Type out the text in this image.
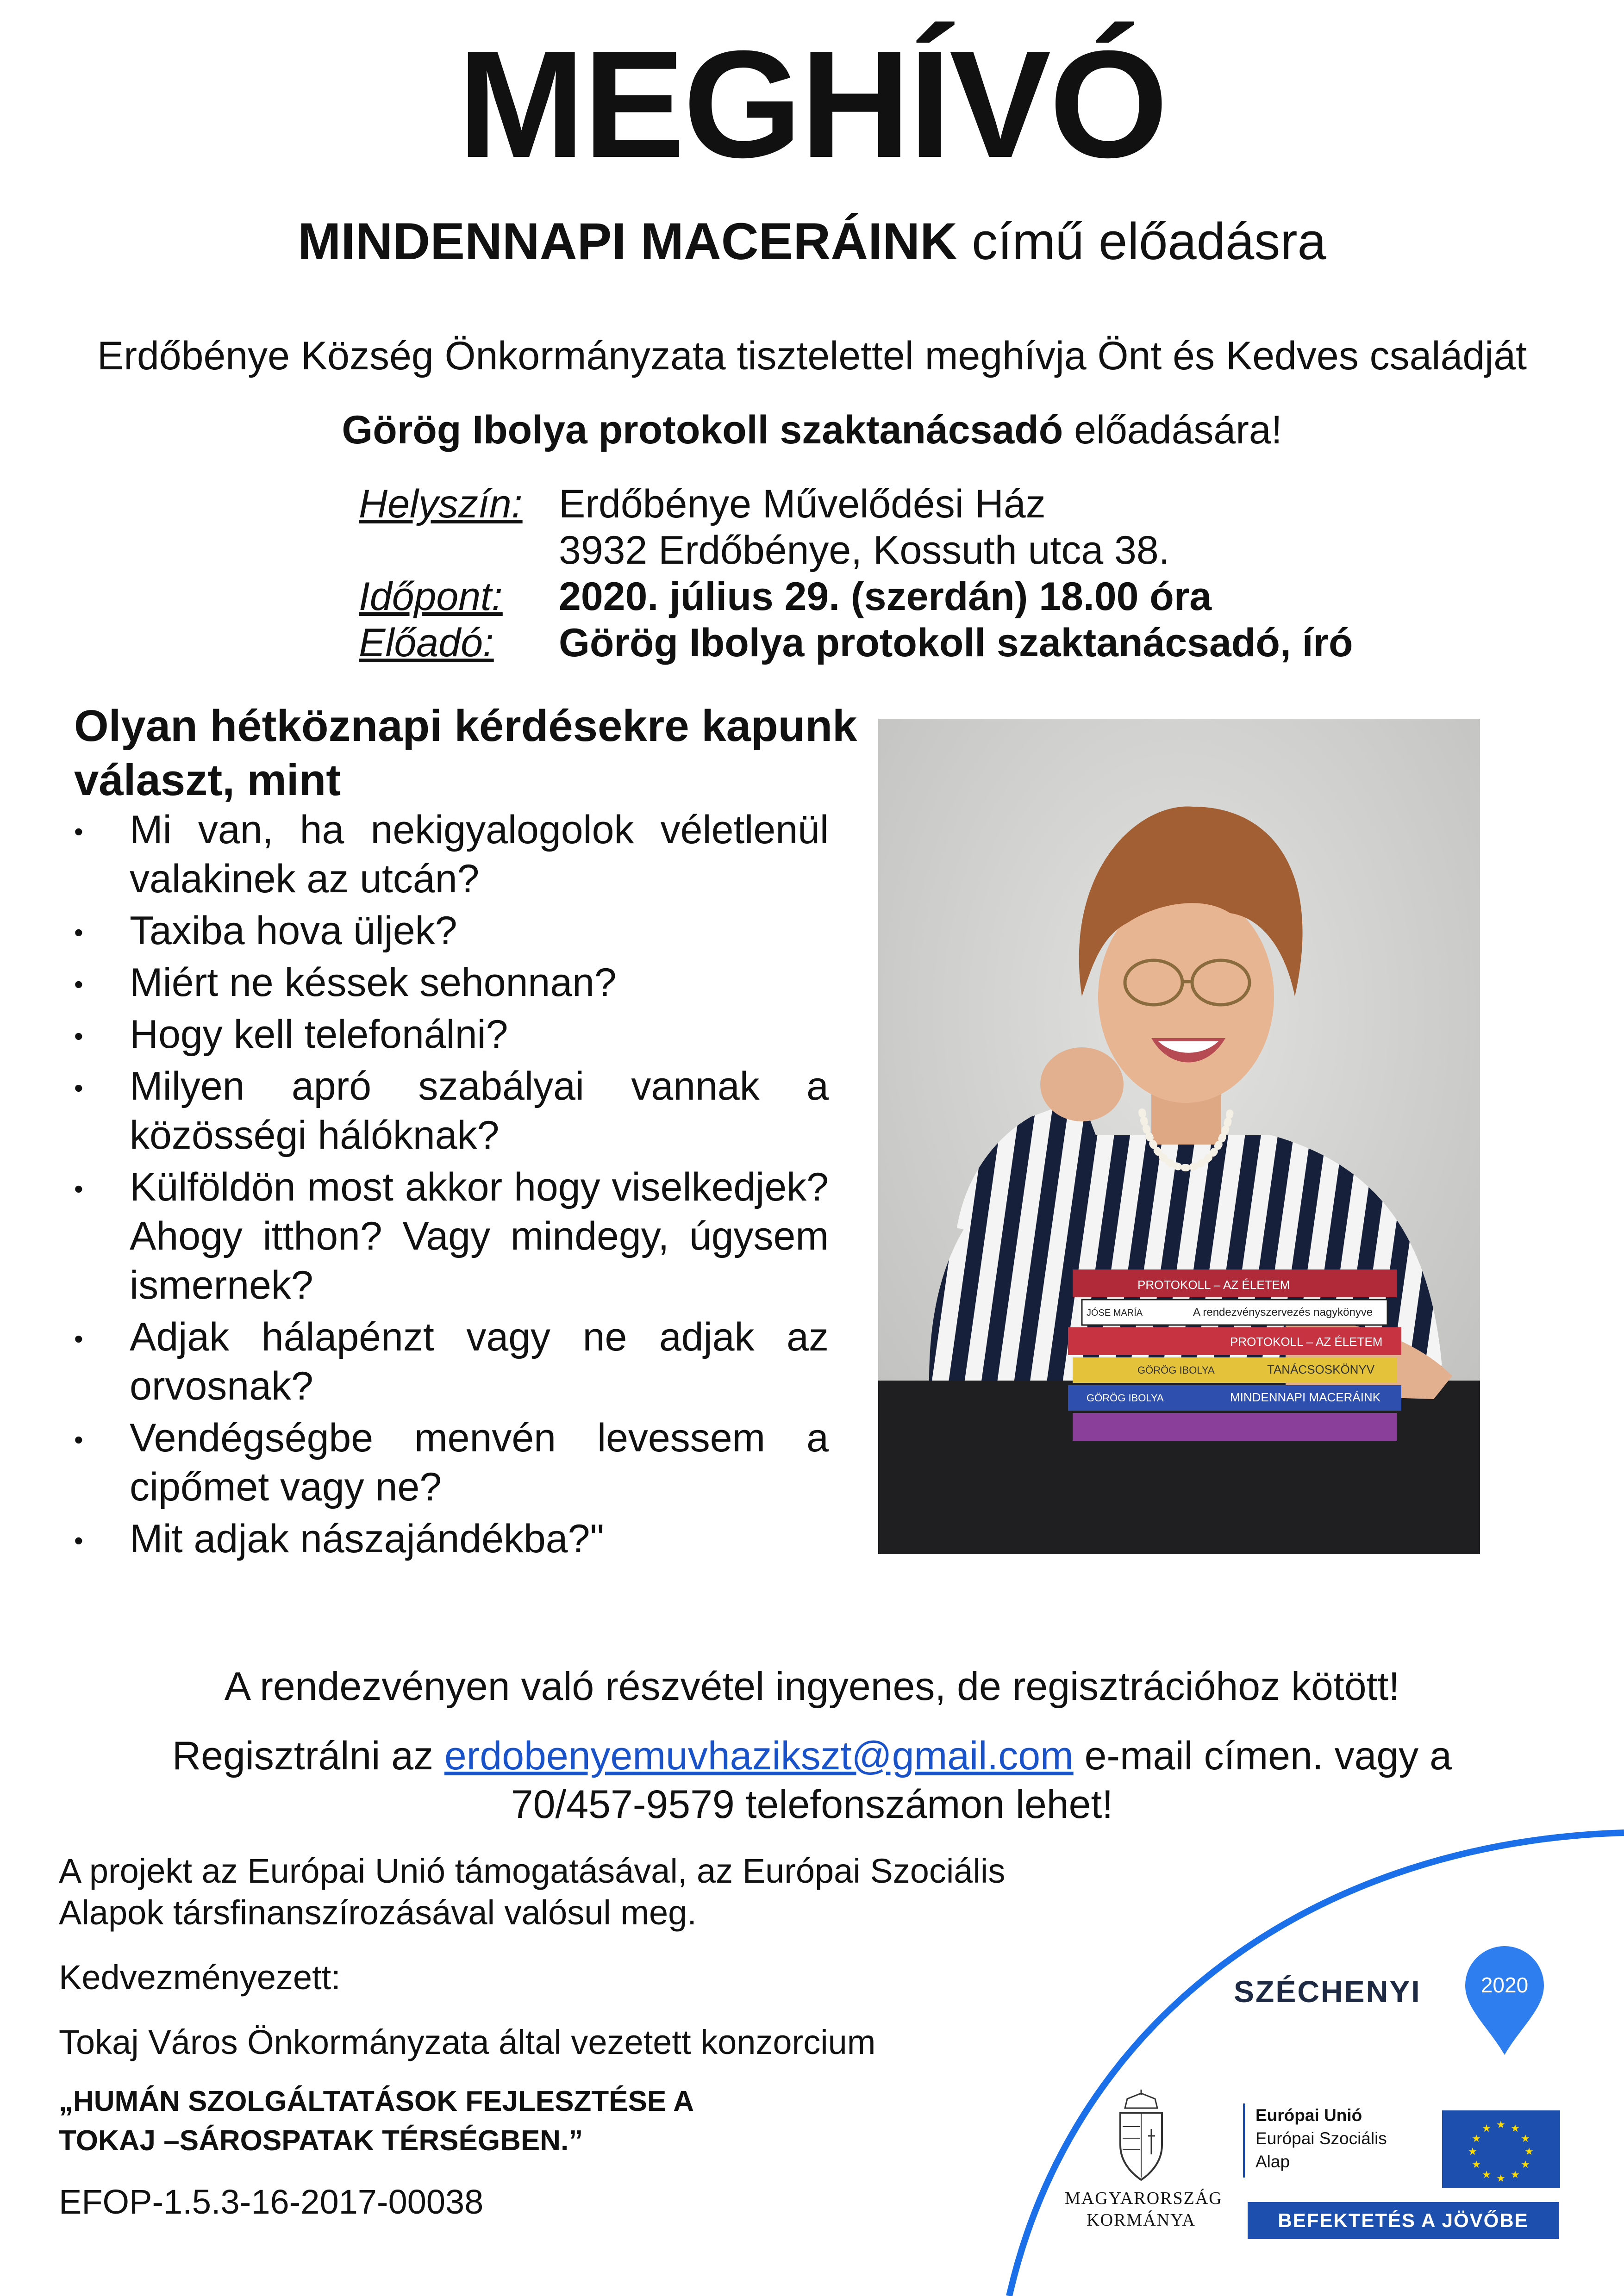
MEGHÍVÓ
MINDENNAPI MACERÁINK című előadásra
Erdőbénye Község Önkormányzata tisztelettel meghívja Önt és Kedves családját
Görög Ibolya protokoll szaktanácsadó előadására!
Helyszín: Erdőbénye Művelődési Ház
3932 Erdőbénye, Kossuth utca 38.
Időpont: 2020. július 29. (szerdán) 18.00 óra
Előadó: Görög Ibolya protokoll szaktanácsadó, író
Olyan hétköznapi kérdésekre kapunk választ, mint
• Mi van, ha nekigyalogolok véletlenül valakinek az utcán?
• Taxiba hova üljek?
• Miért ne késsek sehonnan?
• Hogy kell telefonálni?
• Milyen apró szabályai vannak a közösségi hálóknak?
• Külföldön most akkor hogy viselkedjek? Ahogy itthon? Vagy mindegy, úgysem ismernek?
• Adjak hálapénzt vagy ne adjak az orvosnak?
• Vendégségbe menvén levessem a cipőmet vagy ne?
• Mit adjak nászajándékba?"
PROTOKOLL – AZ ÉLETEM
A rendezvényszervezés nagykönyve
JÓSE MARÍA
PROTOKOLL – AZ ÉLETEM
TANÁCSOSKÖNYV
GÖRÖG IBOLYA
MINDENNAPI MACERÁINK
GÖRÖG IBOLYA
A rendezvényen való részvétel ingyenes, de regisztrációhoz kötött!
Regisztrálni az erdobenyemuvhazikszt@gmail.com e-mail címen. vagy a
70/457-9579 telefonszámon lehet!
A projekt az Európai Unió támogatásával, az Európai Szociális
Alapok társfinanszírozásával valósul meg.
Kedvezményezett:
Tokaj Város Önkormányzata által vezetett konzorcium
„HUMÁN SZOLGÁLTATÁSOK FEJLESZTÉSE A
TOKAJ –SÁROSPATAK TÉRSÉGBEN.”
EFOP-1.5.3-16-2017-00038
SZÉCHENYI	2020
MAGYARORSZÁG
KORMÁNYA
Európai Unió
Európai Szociális
Alap
★ ★
★
★
★
★
★
★
★
★
★
★
BEFEKTETÉS A JÖVŐBE
